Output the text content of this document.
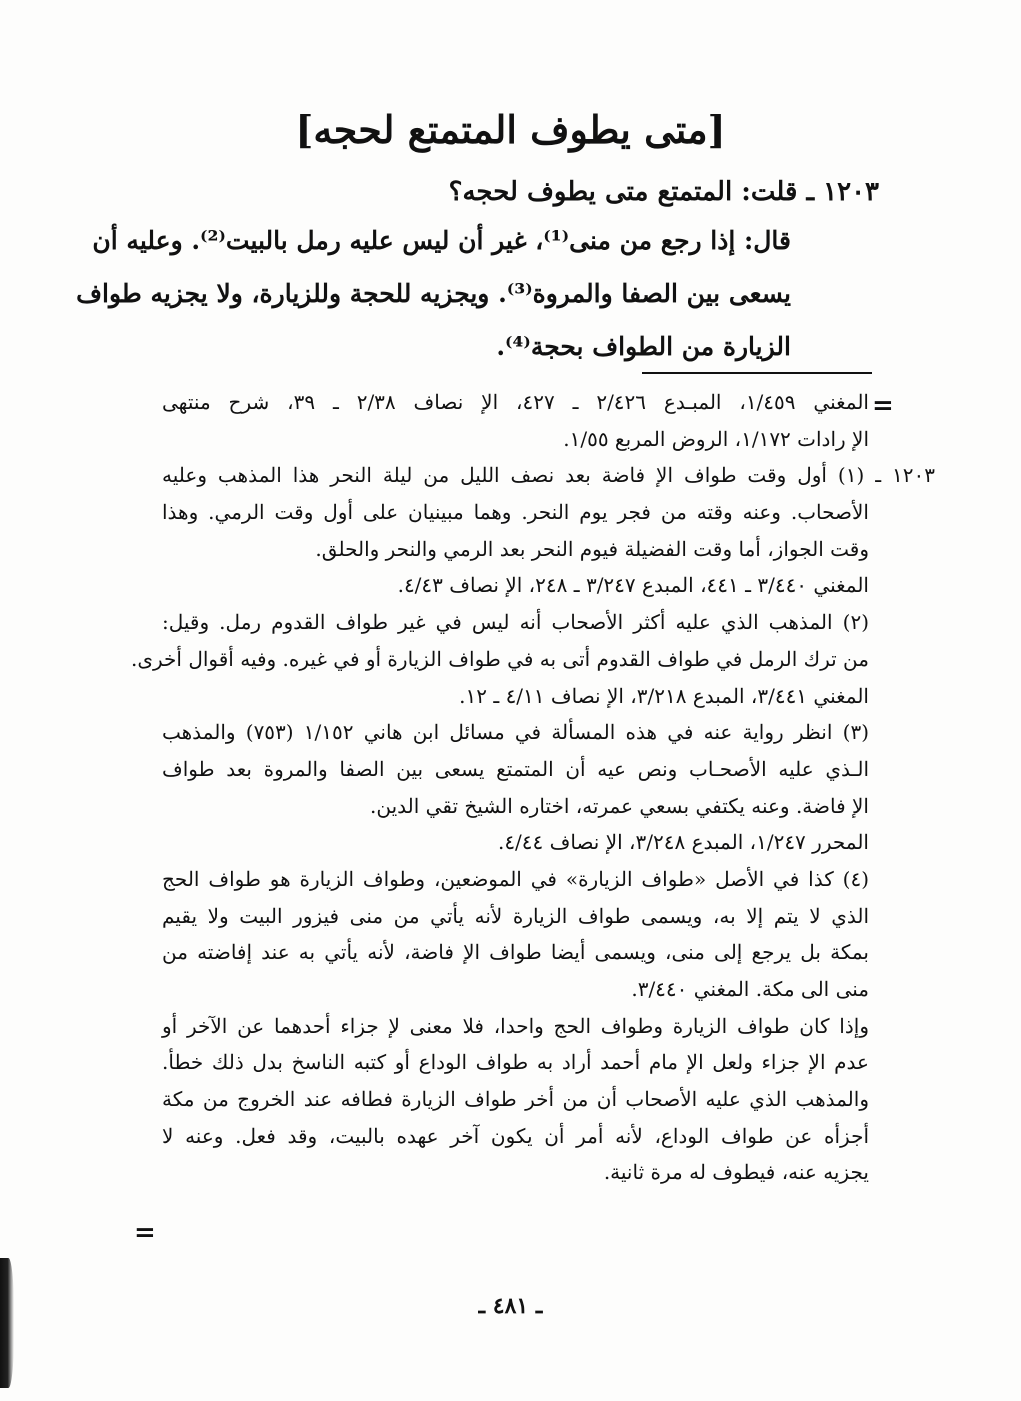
[متى يطوف المتمتع لحجه]
١٢٠٣ ـ قلت: المتمتع متى يطوف لحجه؟
قال: إذا رجع من منى⁽¹⁾، غير أن ليس عليه رمل بالبيت⁽²⁾. وعليه أن
يسعى بين الصفا والمروة⁽³⁾. ويجزيه للحجة وللزيارة، ولا يجزيه طواف
الزيارة من الطواف بحجة⁽⁴⁾.
=
المغني ١/٤٥٩، المبـدع ٢/٤٢٦ ـ ٤٢٧، الإ نصاف ٢/٣٨ ـ ٣٩، شرح منتهى
الإ رادات ١/١٧٢، الروض المربع ١/٥٥.
١٢٠٣ ـ (١) أول وقت طواف الإ فاضة بعد نصف الليل من ليلة النحر هذا المذهب وعليه
الأصحاب. وعنه وقته من فجر يوم النحر. وهما مبينيان على أول وقت الرمي. وهذا
وقت الجواز، أما وقت الفضيلة فيوم النحر بعد الرمي والنحر والحلق.
المغني ٣/٤٤٠ ـ ٤٤١، المبدع ٣/٢٤٧ ـ ٢٤٨، الإ نصاف ٤/٤٣.
(٢) المذهب الذي عليه أكثر الأصحاب أنه ليس في غير طواف القدوم رمل. وقيل:
من ترك الرمل في طواف القدوم أتى به في طواف الزيارة أو في غيره. وفيه أقوال أخرى.
المغني ٣/٤٤١، المبدع ٣/٢١٨، الإ نصاف ٤/١١ ـ ١٢.
(٣) انظر رواية عنه في هذه المسألة في مسائل ابن هاني ١/١٥٢ (٧٥٣) والمذهب
الـذي عليه الأصحـاب ونص عيه أن المتمتع يسعى بين الصفا والمروة بعد طواف
الإ فاضة. وعنه يكتفي بسعي عمرته، اختاره الشيخ تقي الدين.
المحرر ١/٢٤٧، المبدع ٣/٢٤٨، الإ نصاف ٤/٤٤.
(٤) كذا في الأصل «طواف الزيارة» في الموضعين، وطواف الزيارة هو طواف الحج
الذي لا يتم إلا به، ويسمى طواف الزيارة لأنه يأتي من منى فيزور البيت ولا يقيم
بمكة بل يرجع إلى منى، ويسمى أيضا طواف الإ فاضة، لأنه يأتي به عند إفاضته من
منى الى مكة. المغني ٣/٤٤٠.
وإذا كان طواف الزيارة وطواف الحج واحدا، فلا معنى لإ جزاء أحدهما عن الآخر أو
عدم الإ جزاء ولعل الإ مام أحمد أراد به طواف الوداع أو كتبه الناسخ بدل ذلك خطأ.
والمذهب الذي عليه الأصحاب أن من أخر طواف الزيارة فطافه عند الخروج من مكة
أجزأه عن طواف الوداع، لأنه أمر أن يكون آخر عهده بالبيت، وقد فعل. وعنه لا
يجزيه عنه، فيطوف له مرة ثانية.
=
ـ ٤٨١ ـ
